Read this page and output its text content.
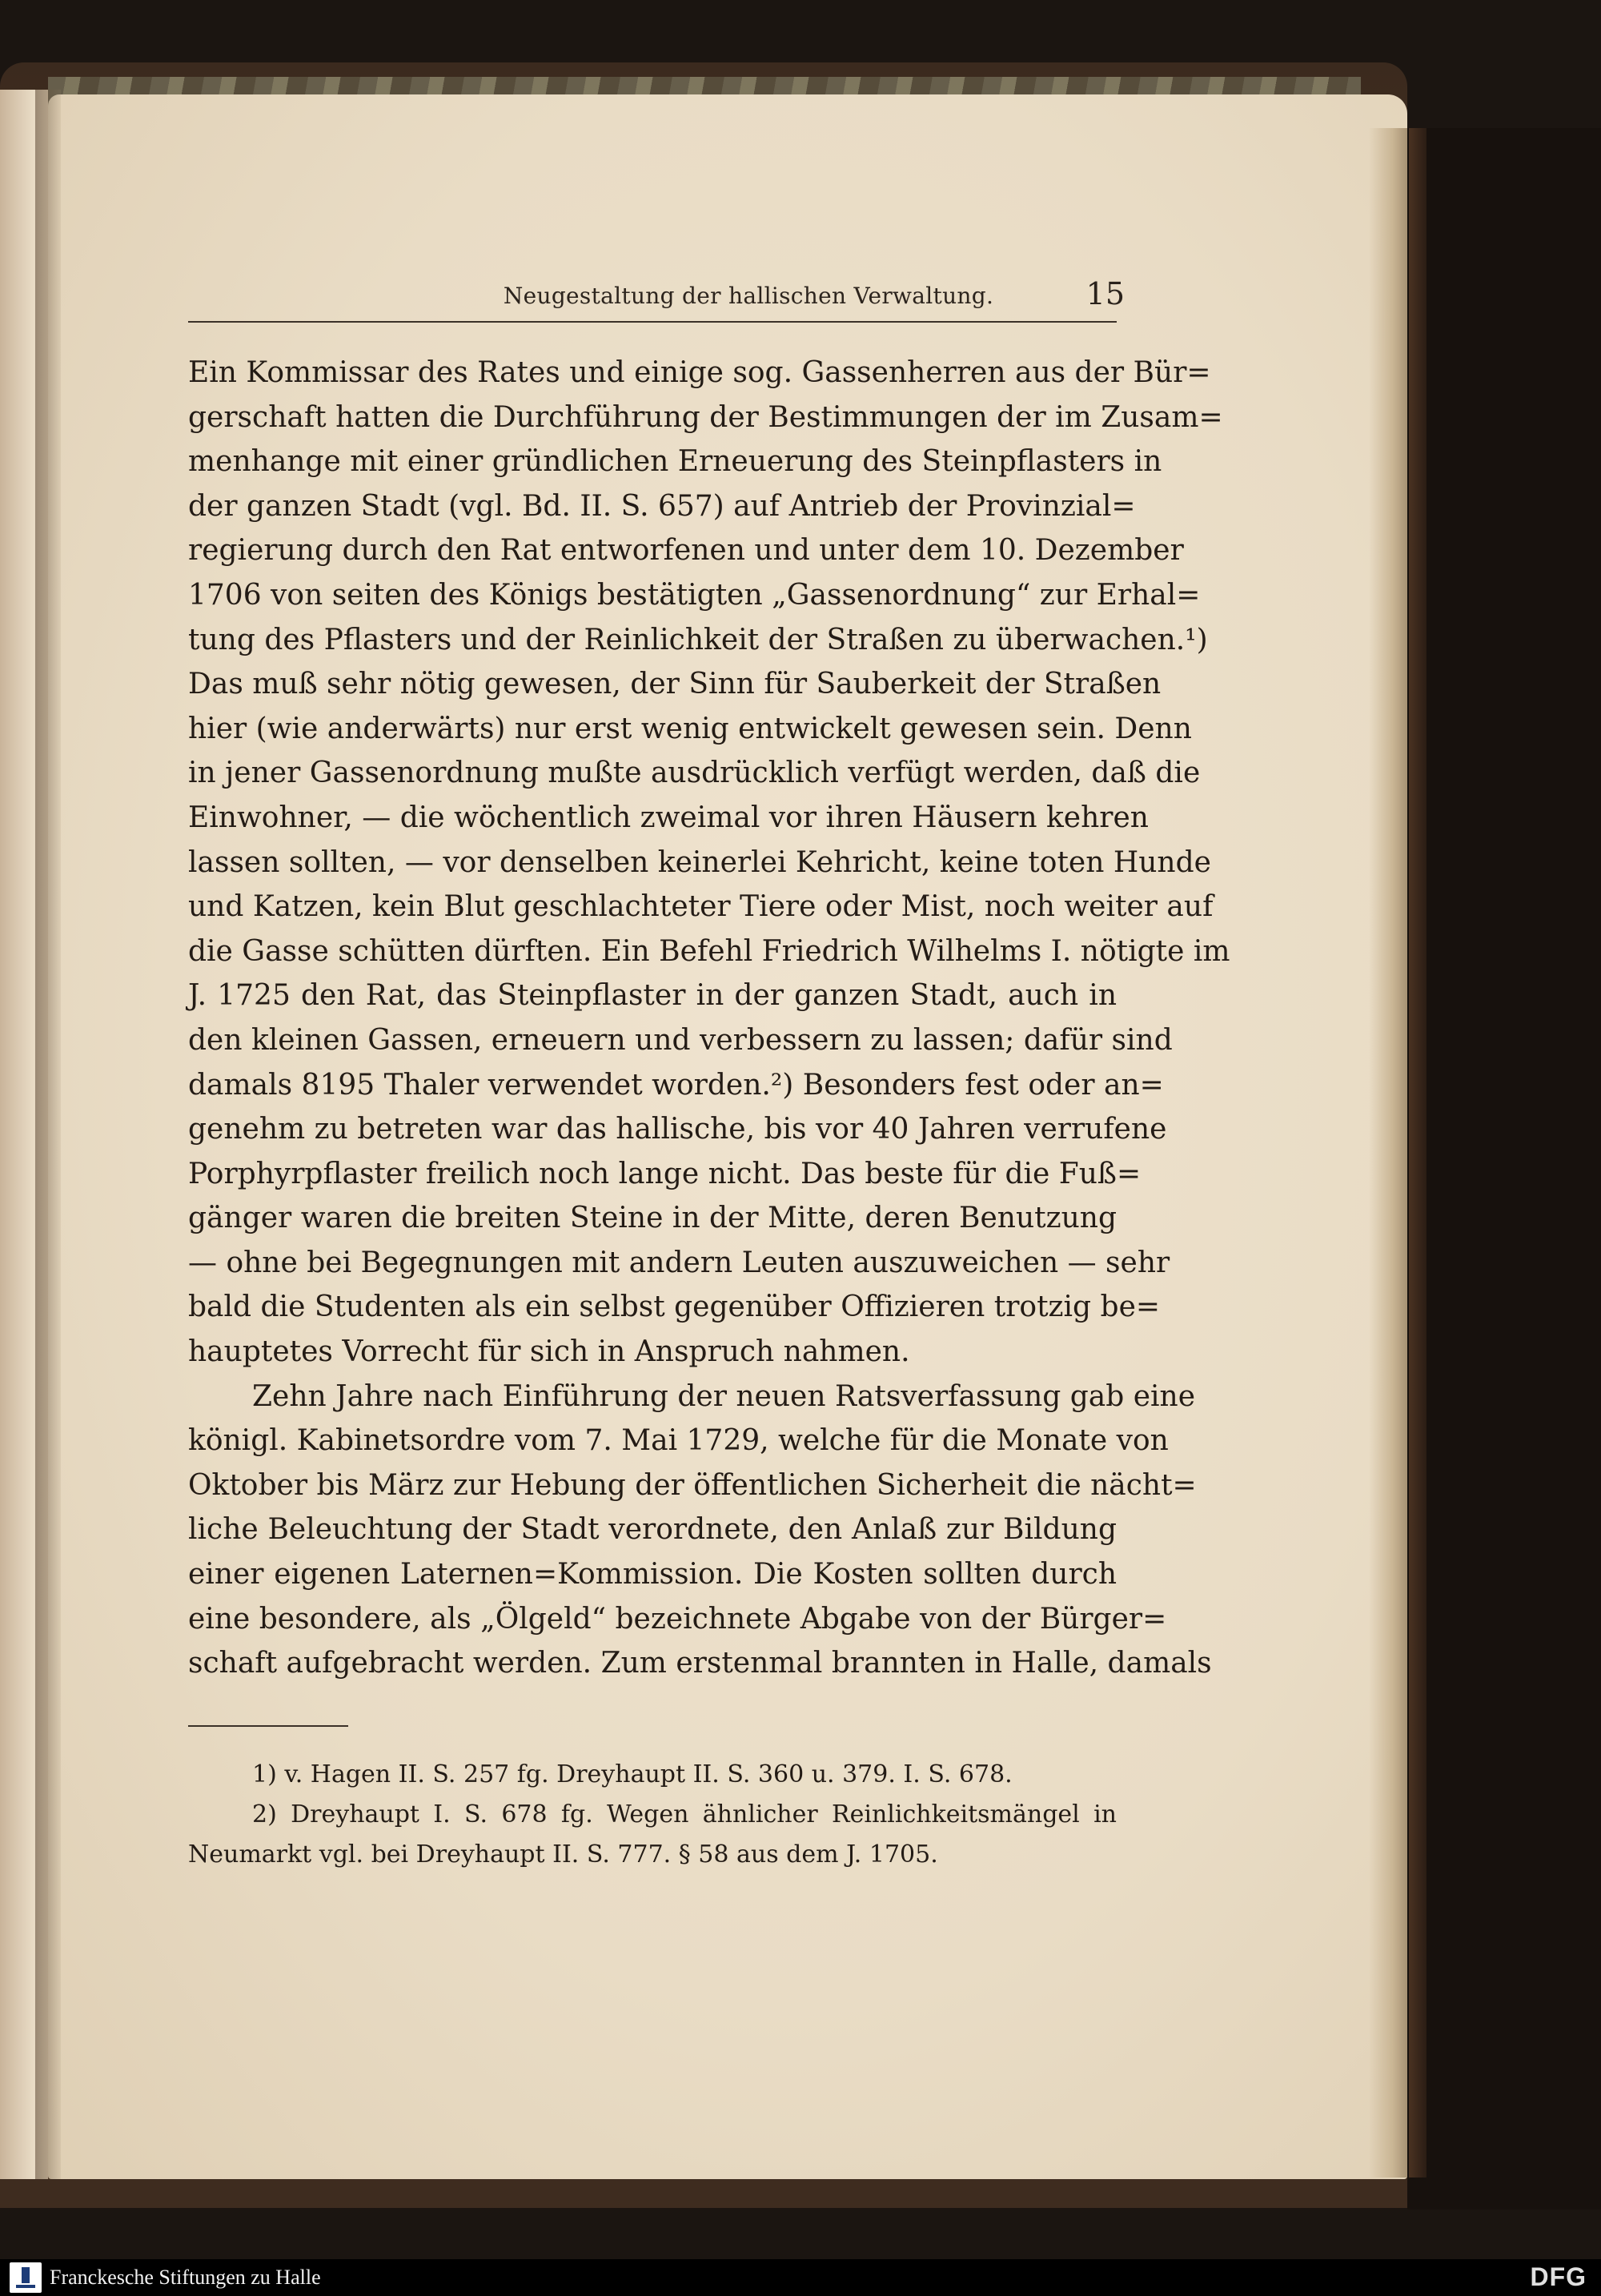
Neugestaltung der hallischen Verwaltung.	15
Ein Kommissar des Rates und einige sog. Gassenherren aus der Bür=
gerschaft hatten die Durchführung der Bestimmungen der im Zusam=
menhange mit einer gründlichen Erneuerung des Steinpflasters in
der ganzen Stadt (vgl. Bd. II. S. 657) auf Antrieb der Provinzial=
regierung durch den Rat entworfenen und unter dem 10. Dezember
1706 von seiten des Königs bestätigten „Gassenordnung“ zur Erhal=
tung des Pflasters und der Reinlichkeit der Straßen zu überwachen.¹)
Das muß sehr nötig gewesen, der Sinn für Sauberkeit der Straßen
hier (wie anderwärts) nur erst wenig entwickelt gewesen sein. Denn
in jener Gassenordnung mußte ausdrücklich verfügt werden, daß die
Einwohner, — die wöchentlich zweimal vor ihren Häusern kehren
lassen sollten, — vor denselben keinerlei Kehricht, keine toten Hunde
und Katzen, kein Blut geschlachteter Tiere oder Mist, noch weiter auf
die Gasse schütten dürften. Ein Befehl Friedrich Wilhelms I. nötigte im
J. 1725 den Rat, das Steinpflaster in der ganzen Stadt, auch in
den kleinen Gassen, erneuern und verbessern zu lassen; dafür sind
damals 8195 Thaler verwendet worden.²) Besonders fest oder an=
genehm zu betreten war das hallische, bis vor 40 Jahren verrufene
Porphyrpflaster freilich noch lange nicht. Das beste für die Fuß=
gänger waren die breiten Steine in der Mitte, deren Benutzung
— ohne bei Begegnungen mit andern Leuten auszuweichen — sehr
bald die Studenten als ein selbst gegenüber Offizieren trotzig be=
hauptetes Vorrecht für sich in Anspruch nahmen.
Zehn Jahre nach Einführung der neuen Ratsverfassung gab eine
königl. Kabinetsordre vom 7. Mai 1729, welche für die Monate von
Oktober bis März zur Hebung der öffentlichen Sicherheit die nächt=
liche Beleuchtung der Stadt verordnete, den Anlaß zur Bildung
einer eigenen Laternen=Kommission. Die Kosten sollten durch
eine besondere, als „Ölgeld“ bezeichnete Abgabe von der Bürger=
schaft aufgebracht werden. Zum erstenmal brannten in Halle, damals
1) v. Hagen II. S. 257 fg. Dreyhaupt II. S. 360 u. 379. I. S. 678.
2) Dreyhaupt I. S. 678 fg. Wegen ähnlicher Reinlichkeitsmängel in
Neumarkt vgl. bei Dreyhaupt II. S. 777. § 58 aus dem J. 1705.
Franckesche Stiftungen zu Halle	DFG
